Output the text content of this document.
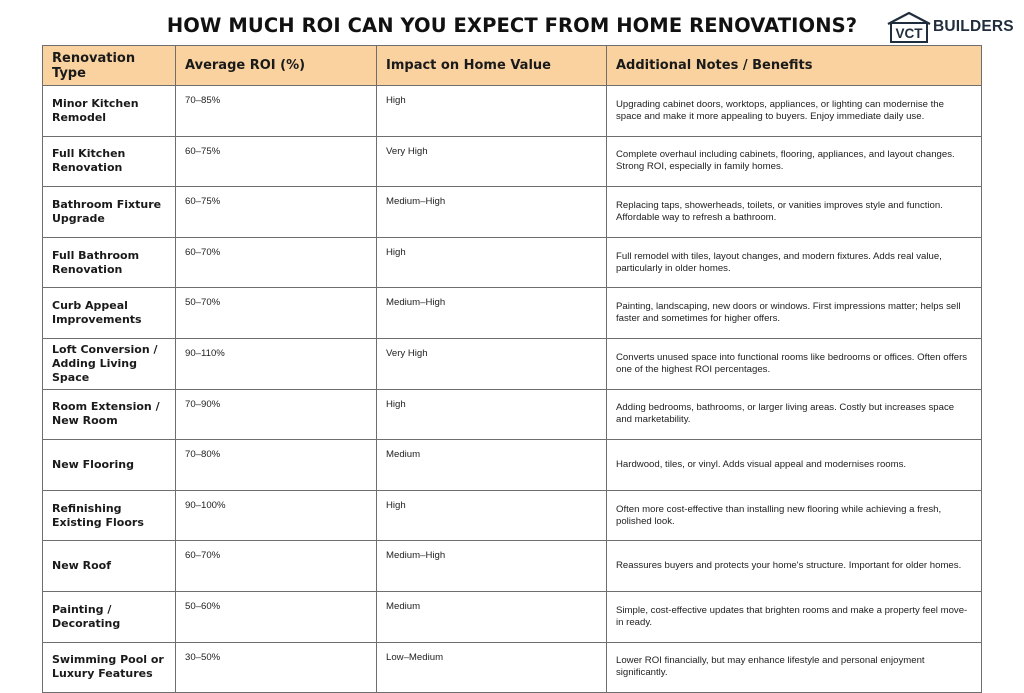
HOW MUCH ROI CAN YOU EXPECT FROM HOME RENOVATIONS?	VCT BUILDERS
Renovation Type	Average ROI (%)	Impact on Home Value	Additional Notes / Benefits
Minor Kitchen Remodel	70–85%	High	Upgrading cabinet doors, worktops, appliances, or lighting can modernise the space and make it more appealing to buyers. Enjoy immediate daily use.
Full Kitchen Renovation	60–75%	Very High	Complete overhaul including cabinets, flooring, appliances, and layout changes. Strong ROI, especially in family homes.
Bathroom Fixture Upgrade	60–75%	Medium–High	Replacing taps, showerheads, toilets, or vanities improves style and function. Affordable way to refresh a bathroom.
Full Bathroom Renovation	60–70%	High	Full remodel with tiles, layout changes, and modern fixtures. Adds real value, particularly in older homes.
Curb Appeal Improvements	50–70%	Medium–High	Painting, landscaping, new doors or windows. First impressions matter; helps sell faster and sometimes for higher offers.
Loft Conversion / Adding Living Space	90–110%	Very High	Converts unused space into functional rooms like bedrooms or offices. Often offers one of the highest ROI percentages.
Room Extension / New Room	70–90%	High	Adding bedrooms, bathrooms, or larger living areas. Costly but increases space and marketability.
New Flooring	70–80%	Medium	Hardwood, tiles, or vinyl. Adds visual appeal and modernises rooms.
Refinishing Existing Floors	90–100%	High	Often more cost-effective than installing new flooring while achieving a fresh, polished look.
New Roof	60–70%	Medium–High	Reassures buyers and protects your home's structure. Important for older homes.
Painting / Decorating	50–60%	Medium	Simple, cost-effective updates that brighten rooms and make a property feel move-in ready.
Swimming Pool or Luxury Features	30–50%	Low–Medium	Lower ROI financially, but may enhance lifestyle and personal enjoyment significantly.
